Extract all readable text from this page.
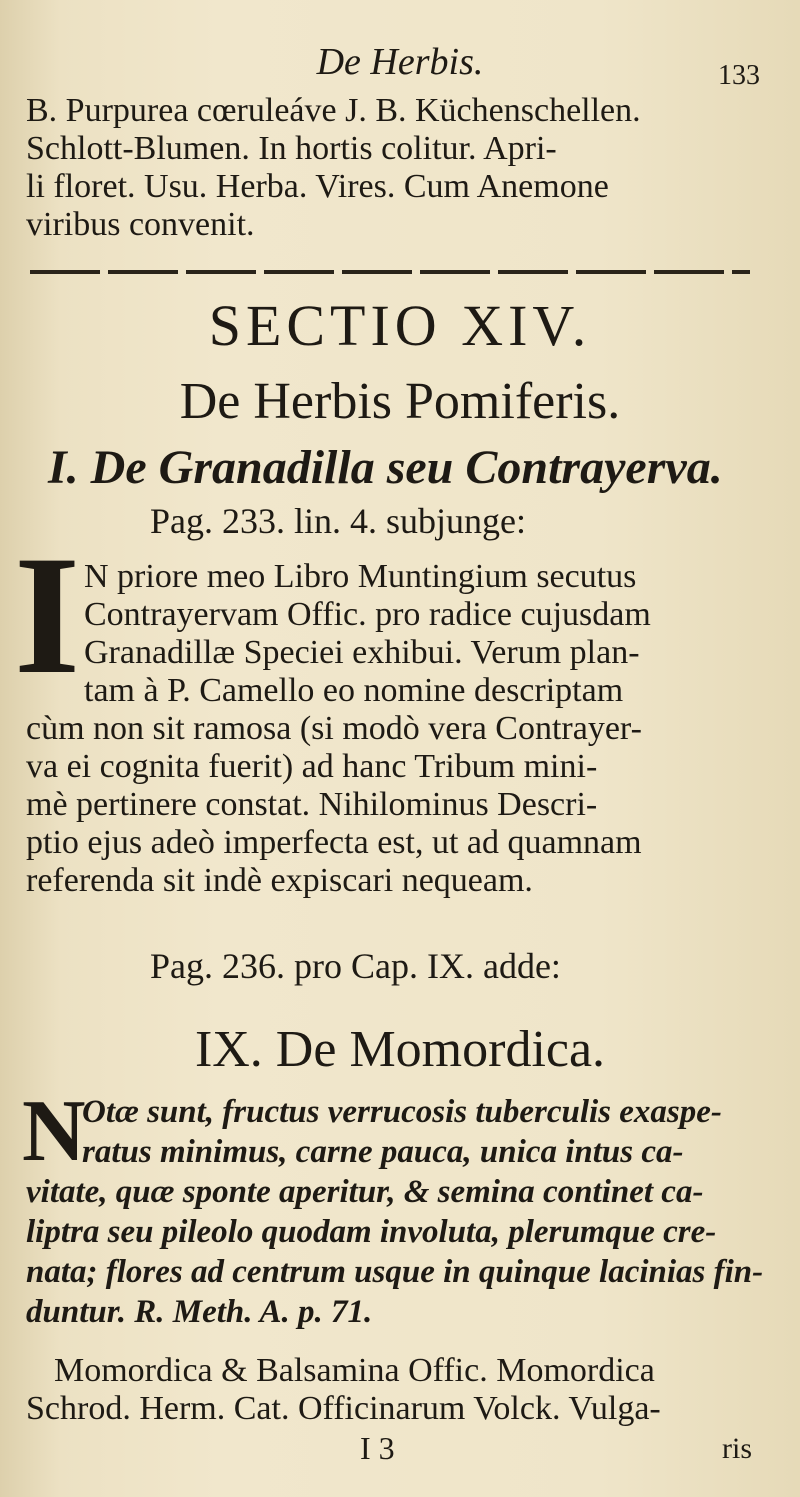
De Herbis.	133
B. Purpurea cœruleáve J. B. Küchenschellen.
Schlott-Blumen. In hortis colitur. Apri-
li floret. Usu. Herba. Vires. Cum Anemone
viribus convenit.
SECTIO XIV.
De Herbis Pomiferis.
I. De Granadilla seu Contrayerva.
Pag. 233. lin. 4. subjunge:
I N priore meo Libro Muntingium secutus
Contrayervam Offic. pro radice cujusdam
Granadillæ Speciei exhibui. Verum plan-
tam à P. Camello eo nomine descriptam
cùm non sit ramosa (si modò vera Contrayer-
va ei cognita fuerit) ad hanc Tribum mini-
mè pertinere constat. Nihilominus Descri-
ptio ejus adeò imperfecta est, ut ad quamnam
referenda sit indè expiscari nequeam.
Pag. 236. pro Cap. IX. adde:
IX. De Momordica.
N
Otæ sunt, fructus verrucosis tuberculis exaspe-
ratus minimus, carne pauca, unica intus ca-
vitate, quæ sponte aperitur, & semina continet ca-
liptra seu pileolo quodam involuta, plerumque cre-
nata; flores ad centrum usque in quinque lacinias fin-
duntur. R. Meth. A. p. 71.
Momordica & Balsamina Offic. Momordica
Schrod. Herm. Cat. Officinarum Volck. Vulga-
I 3	ris
